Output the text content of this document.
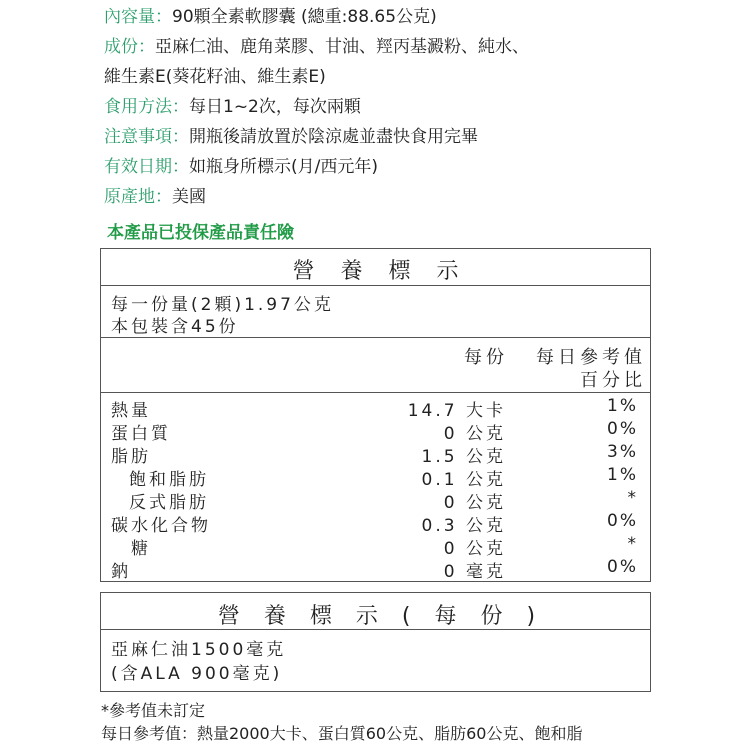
內容量：90顆全素軟膠囊 (總重:88.65公克)
成份：亞麻仁油、鹿角菜膠、甘油、羥丙基澱粉、純水、
維生素E(葵花籽油、維生素E)
食用方法：每日1~2次，每次兩顆
注意事項：開瓶後請放置於陰涼處並盡快食用完畢
有效日期：如瓶身所標示(月/西元年)
原產地：美國
本產品已投保產品責任險
營養標示
每一份量(2顆)1.97公克
本包裝含45份
每份 每日參考值
百分比
熱量	14.7 大卡	1%
蛋白質	0 公克	0%
脂肪	1.5 公克	3%
飽和脂肪	0.1 公克	1%
反式脂肪	0 公克	*
碳水化合物	0.3 公克	0%
糖	0 公克	*
鈉	0 毫克	0%
營養標示(每份)
亞麻仁油1500毫克
(含ALA 900毫克)
*參考值未訂定
每日參考值：熱量2000大卡、蛋白質60公克、脂肪60公克、飽和脂
